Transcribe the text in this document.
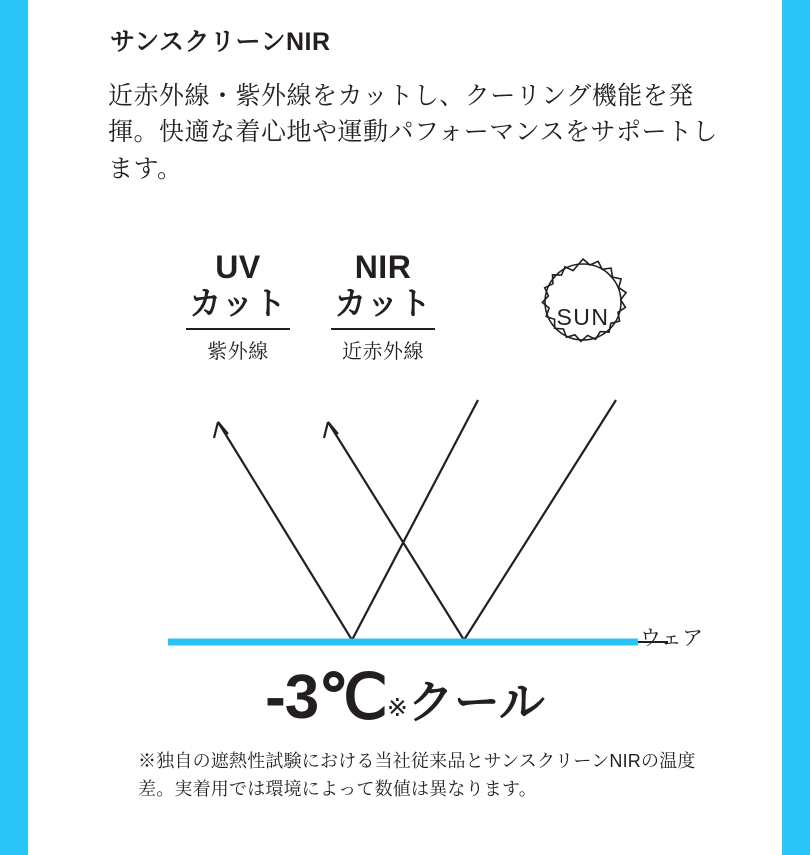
サンスクリーンNIR
近赤外線・紫外線をカットし、クーリング機能を発揮。快適な着心地や運動パフォーマンスをサポートします。
UV
カット
紫外線
NIR
カット
近赤外線
SUN
ウェア
-3℃※クール
※独自の遮熱性試験における当社従来品とサンスクリーンNIRの温度差。実着用では環境によって数値は異なります。
